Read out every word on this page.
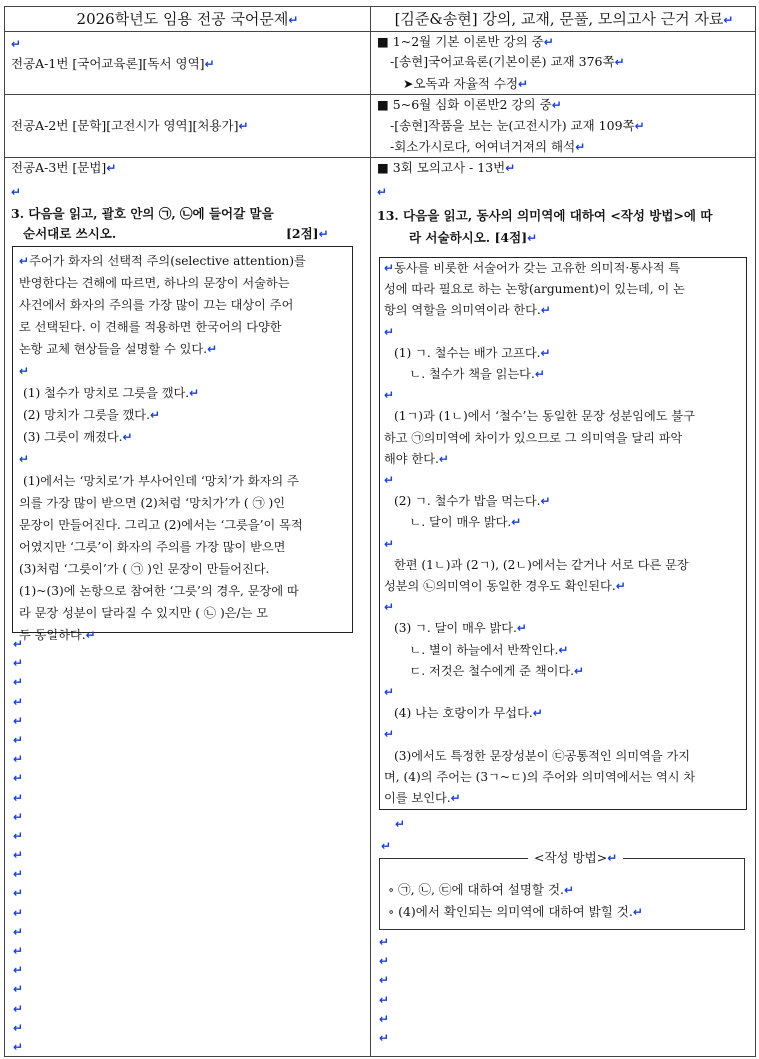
2026학년도 임용 전공 국어문제↵	[김준&송현] 강의, 교재, 문풀, 모의고사 근거 자료↵
↵
전공A-1번 [국어교육론][독서 영역]↵
■ 1~2월 기본 이론반 강의 중↵
-[송현]국어교육론(기본이론) 교재 376쪽↵
➤오독과 자율적 수정↵
전공A-2번 [문학][고전시가 영역][처용가]↵
■ 5~6월 심화 이론반2 강의 중↵
-[송현]작품을 보는 눈(고전시가) 교재 109쪽↵
-회소가시로다, 어여녀거져의 해석↵
전공A-3번 [문법]↵
↵
3. 다음을 읽고, 괄호 안의 ㉠, ㉡에 들어갈 말을
순서대로 쓰시오.	[2점]↵

↵주어가 화자의 선택적 주의(selective attention)를

반영한다는 견해에 따르면, 하나의 문장이 서술하는

사건에서 화자의 주의를 가장 많이 끄는 대상이 주어

로 선택된다. 이 견해를 적용하면 한국어의 다양한

논항 교체 현상들을 설명할 수 있다.↵

↵

(1) 철수가 망치로 그릇을 깼다.↵

(2) 망치가 그릇을 깼다.↵

(3) 그릇이 깨졌다.↵

↵

(1)에서는 ‘망치로’가 부사어인데 ‘망치’가 화자의 주

의를 가장 많이 받으면 (2)처럼 ‘망치가’가 ( ㉠ )인

문장이 만들어진다. 그리고 (2)에서는 ‘그릇을’이 목적

어였지만 ‘그릇’이 화자의 주의를 가장 많이 받으면

(3)처럼 ‘그릇이’가 ( ㉠ )인 문장이 만들어진다.

(1)~(3)에 논항으로 참여한 ‘그릇’의 경우, 문장에 따

라 문장 성분이 달라질 수 있지만 ( ㉡ )은/는 모

두 동일하다.↵

↵
↵
↵
↵
↵
↵
↵
↵
↵
↵
↵
↵
↵
↵
↵
↵
↵
↵
↵
↵
↵
↵
■ 3회 모의고사 - 13번↵
↵
13. 다음을 읽고, 동사의 의미역에 대하여 <작성 방법>에 따
라 서술하시오. [4점]↵

↵동사를 비롯한 서술어가 갖는 고유한 의미적·통사적 특

성에 따라 필요로 하는 논항(argument)이 있는데, 이 논

항의 역할을 의미역이라 한다.↵

↵

(1) ㄱ. 철수는 배가 고프다.↵

ㄴ. 철수가 책을 읽는다.↵

↵

(1ㄱ)과 (1ㄴ)에서 ‘철수’는 동일한 문장 성분임에도 불구

하고 ㉠의미역에 차이가 있으므로 그 의미역을 달리 파악

해야 한다.↵

↵

(2) ㄱ. 철수가 밥을 먹는다.↵

ㄴ. 달이 매우 밝다.↵

↵

한편 (1ㄴ)과 (2ㄱ), (2ㄴ)에서는 같거나 서로 다른 문장

성분의 ㉡의미역이 동일한 경우도 확인된다.↵

↵

(3) ㄱ. 달이 매우 밝다.↵

ㄴ. 별이 하늘에서 반짝인다.↵

ㄷ. 저것은 철수에게 준 책이다.↵

↵

(4) 나는 호랑이가 무섭다.↵

↵

(3)에서도 특정한 문장성분이 ㉢공통적인 의미역을 가지

며, (4)의 주어는 (3ㄱ~ㄷ)의 주어와 의미역에서는 역시 차

이를 보인다.↵

↵
↵
<작성 방법>↵
∘ ㉠, ㉡, ㉢에 대하여 설명할 것.↵
∘ (4)에서 확인되는 의미역에 대하여 밝힐 것.↵
↵
↵
↵
↵
↵
↵
